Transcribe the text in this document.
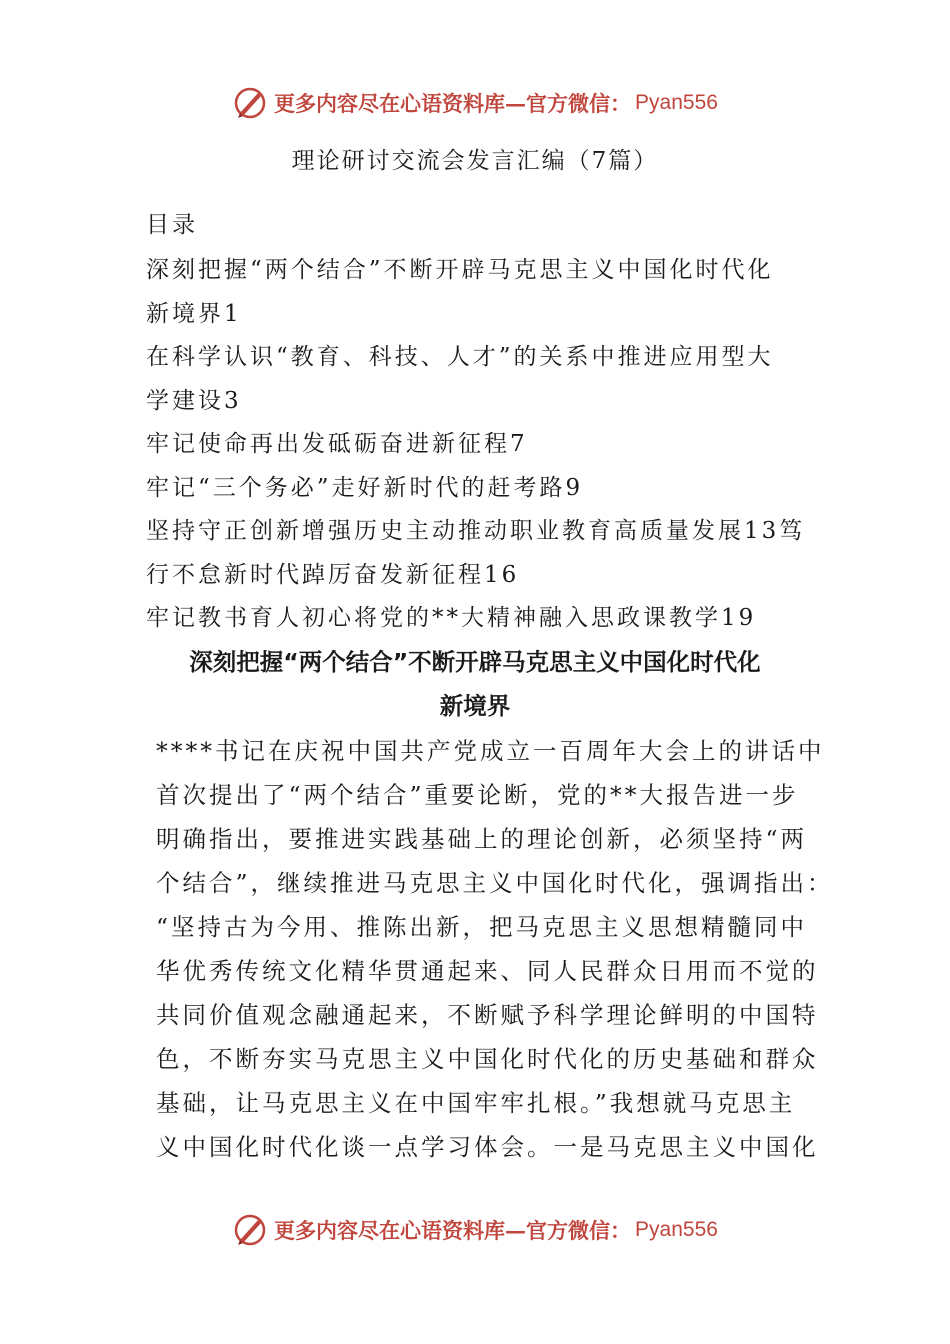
更多内容尽在心语资料库—官方微信： Pyan556
理论研讨交流会发言汇编（7篇）
目录
深刻把握“两个结合”不断开辟马克思主义中国化时代化
新境界1
在科学认识“教育、科技、人才”的关系中推进应用型大
学建设3
牢记使命再出发砥砺奋进新征程7
牢记“三个务必”走好新时代的赶考路9
坚持守正创新增强历史主动推动职业教育高质量发展13笃
行不怠新时代踔厉奋发新征程16
牢记教书育人初心将党的**大精神融入思政课教学19
深刻把握“两个结合”不断开辟马克思主义中国化时代化
新境界
****书记在庆祝中国共产党成立一百周年大会上的讲话中
首次提出了“两个结合”重要论断，党的**大报告进一步
明确指出，要推进实践基础上的理论创新，必须坚持“两
个结合”，继续推进马克思主义中国化时代化，强调指出：
“坚持古为今用、推陈出新，把马克思主义思想精髓同中
华优秀传统文化精华贯通起来、同人民群众日用而不觉的
共同价值观念融通起来，不断赋予科学理论鲜明的中国特
色，不断夯实马克思主义中国化时代化的历史基础和群众
基础，让马克思主义在中国牢牢扎根。”我想就马克思主
义中国化时代化谈一点学习体会。一是马克思主义中国化
更多内容尽在心语资料库—官方微信： Pyan556
